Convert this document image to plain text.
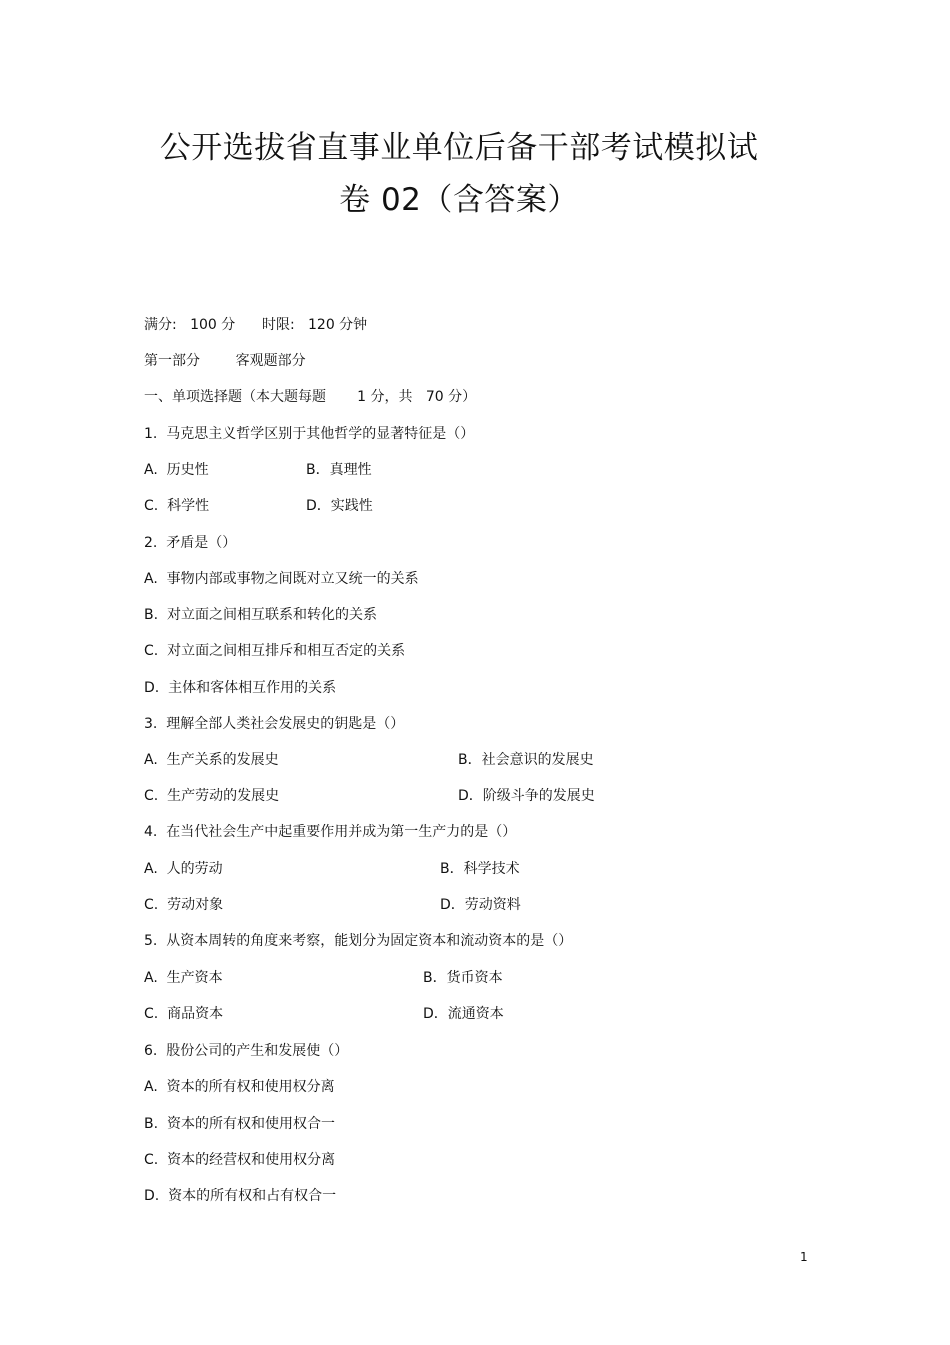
公开选拔省直事业单位后备干部考试模拟试
卷 02（含答案）
满分:   100 分      时限:   120 分钟
第一部分        客观题部分
一、单项选择题（本大题每题       1 分，共   70 分）
1.  马克思主义哲学区别于其他哲学的显著特征是（）
A.  历史性	B．真理性
C.  科学性	D．实践性
2.  矛盾是（）
A.  事物内部或事物之间既对立又统一的关系
B.  对立面之间相互联系和转化的关系
C.  对立面之间相互排斥和相互否定的关系
D.  主体和客体相互作用的关系
3.  理解全部人类社会发展史的钥匙是（）
A.  生产关系的发展史	B．社会意识的发展史
C.  生产劳动的发展史	D．阶级斗争的发展史
4.  在当代社会生产中起重要作用并成为第一生产力的是（）
A.  人的劳动	B．科学技术
C.  劳动对象	D．劳动资料
5.  从资本周转的角度来考察，能划分为固定资本和流动资本的是（）
A.  生产资本	B．货币资本
C.  商品资本	D．流通资本
6.  股份公司的产生和发展使（）
A.  资本的所有权和使用权分离
B.  资本的所有权和使用权合一
C.  资本的经营权和使用权分离
D.  资本的所有权和占有权合一
1
